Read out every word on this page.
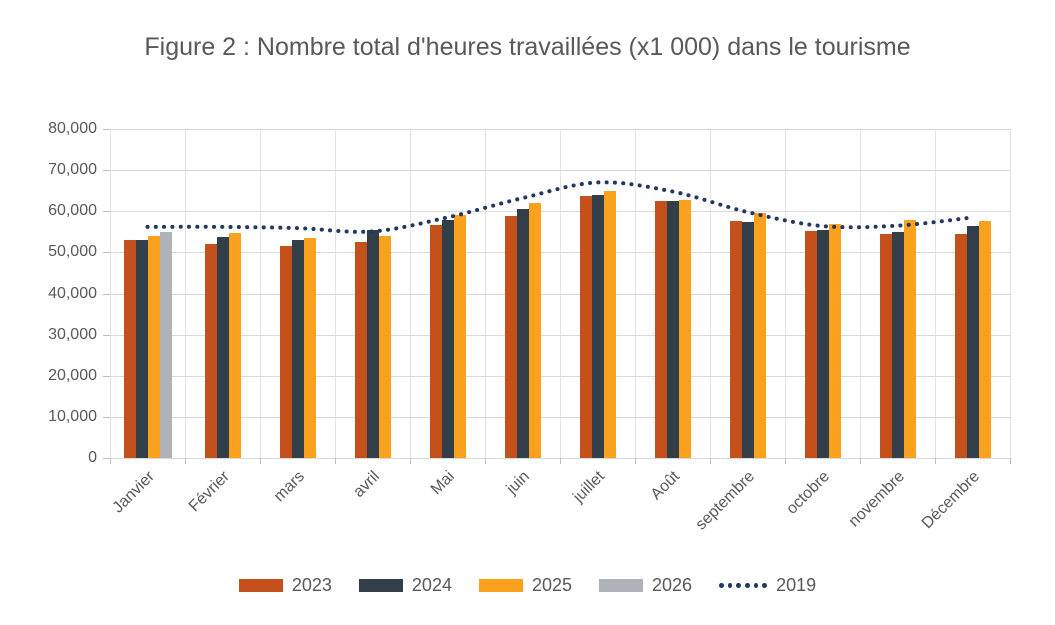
Figure 2 : Nombre total d'heures travaillées (x1 000) dans le tourisme
0
10,000
20,000
30,000
40,000
50,000
60,000
70,000
80,000
Janvier	Février	mars	avril	Mai	juin	juillet	Août septembre	octobre novembre Décembre
2023	2024	2025	2026	2019
